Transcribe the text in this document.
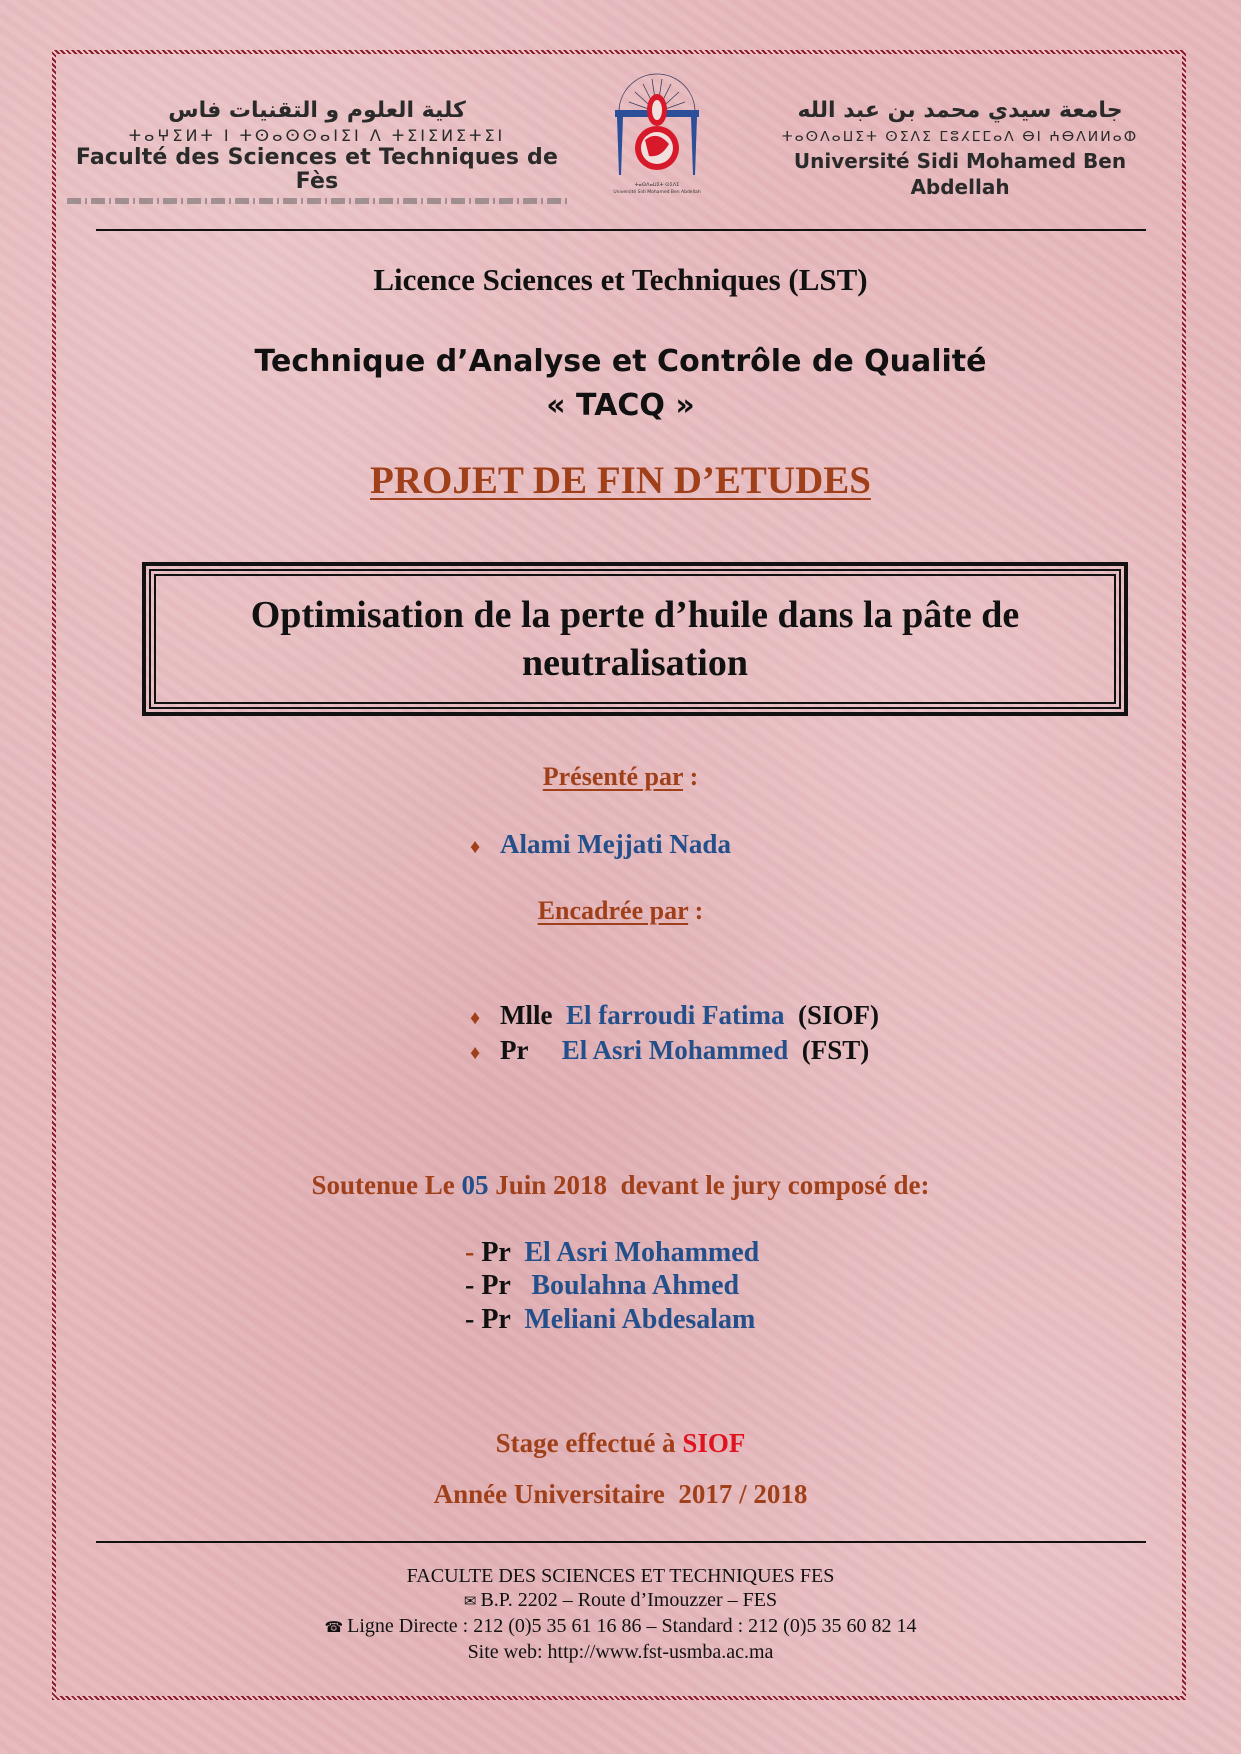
كلية العلوم و التقنيات فاس
ⵜⴰⵖⵉⵍⵜ ⵏ ⵜⵙⴰⵙⵙⴰⵏⵉⵏ ⴷ ⵜⵉⵏⵉⵍⵉⵜⵉⵏ
Faculté des Sciences et Techniques de Fès	ⵜⴰⵙⴷⴰⵡⵉⵜ ⵙⵉⴷⵉ
Université Sidi Mohamed Ben Abdellah
جامعة سيدي محمد بن عبد الله
ⵜⴰⵙⴷⴰⵡⵉⵜ ⵙⵉⴷⵉ ⵎⵓⵃⵎⵎⴰⴷ ⴱⵏ ⵄⴱⴷⵍⵍⴰⵀ
Université Sidi Mohamed Ben Abdellah
Licence Sciences et Techniques (LST)
Technique d’Analyse et Contrôle de Qualité
« TACQ »
PROJET DE FIN D’ETUDES
Optimisation de la perte d’huile dans la pâte de
neutralisation
Présenté par :
♦ Alami Mejjati Nada
Encadrée par :
♦ Mlle El farroudi Fatima (SIOF)
♦ Pr El Asri Mohammed (FST)
Soutenue Le 05 Juin 2018  devant le jury composé de:
- Pr El Asri Mohammed
- Pr Boulahna Ahmed
- Pr Meliani Abdesalam
Stage effectué à SIOF
Année Universitaire  2017 / 2018
FACULTE DES SCIENCES ET TECHNIQUES FES
✉ B.P. 2202 – Route d’Imouzzer – FES
☎ Ligne Directe : 212 (0)5 35 61 16 86 – Standard : 212 (0)5 35 60 82 14
Site web: http://www.fst-usmba.ac.ma
